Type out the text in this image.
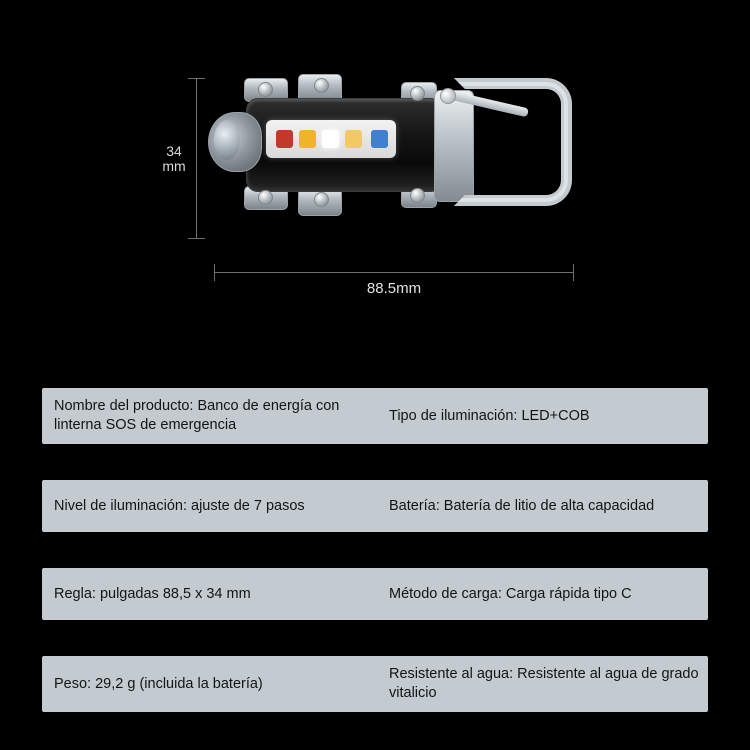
34
mm
88.5mm
Nombre del producto: Banco de energía con linterna SOS de emergencia
Tipo de iluminación: LED+COB
Nivel de iluminación: ajuste de 7 pasos	Batería: Batería de litio de alta capacidad
Regla: pulgadas 88,5 x 34 mm	Método de carga: Carga rápida tipo C
Peso: 29,2 g (incluida la batería)
Resistente al agua: Resistente al agua de grado vitalicio
